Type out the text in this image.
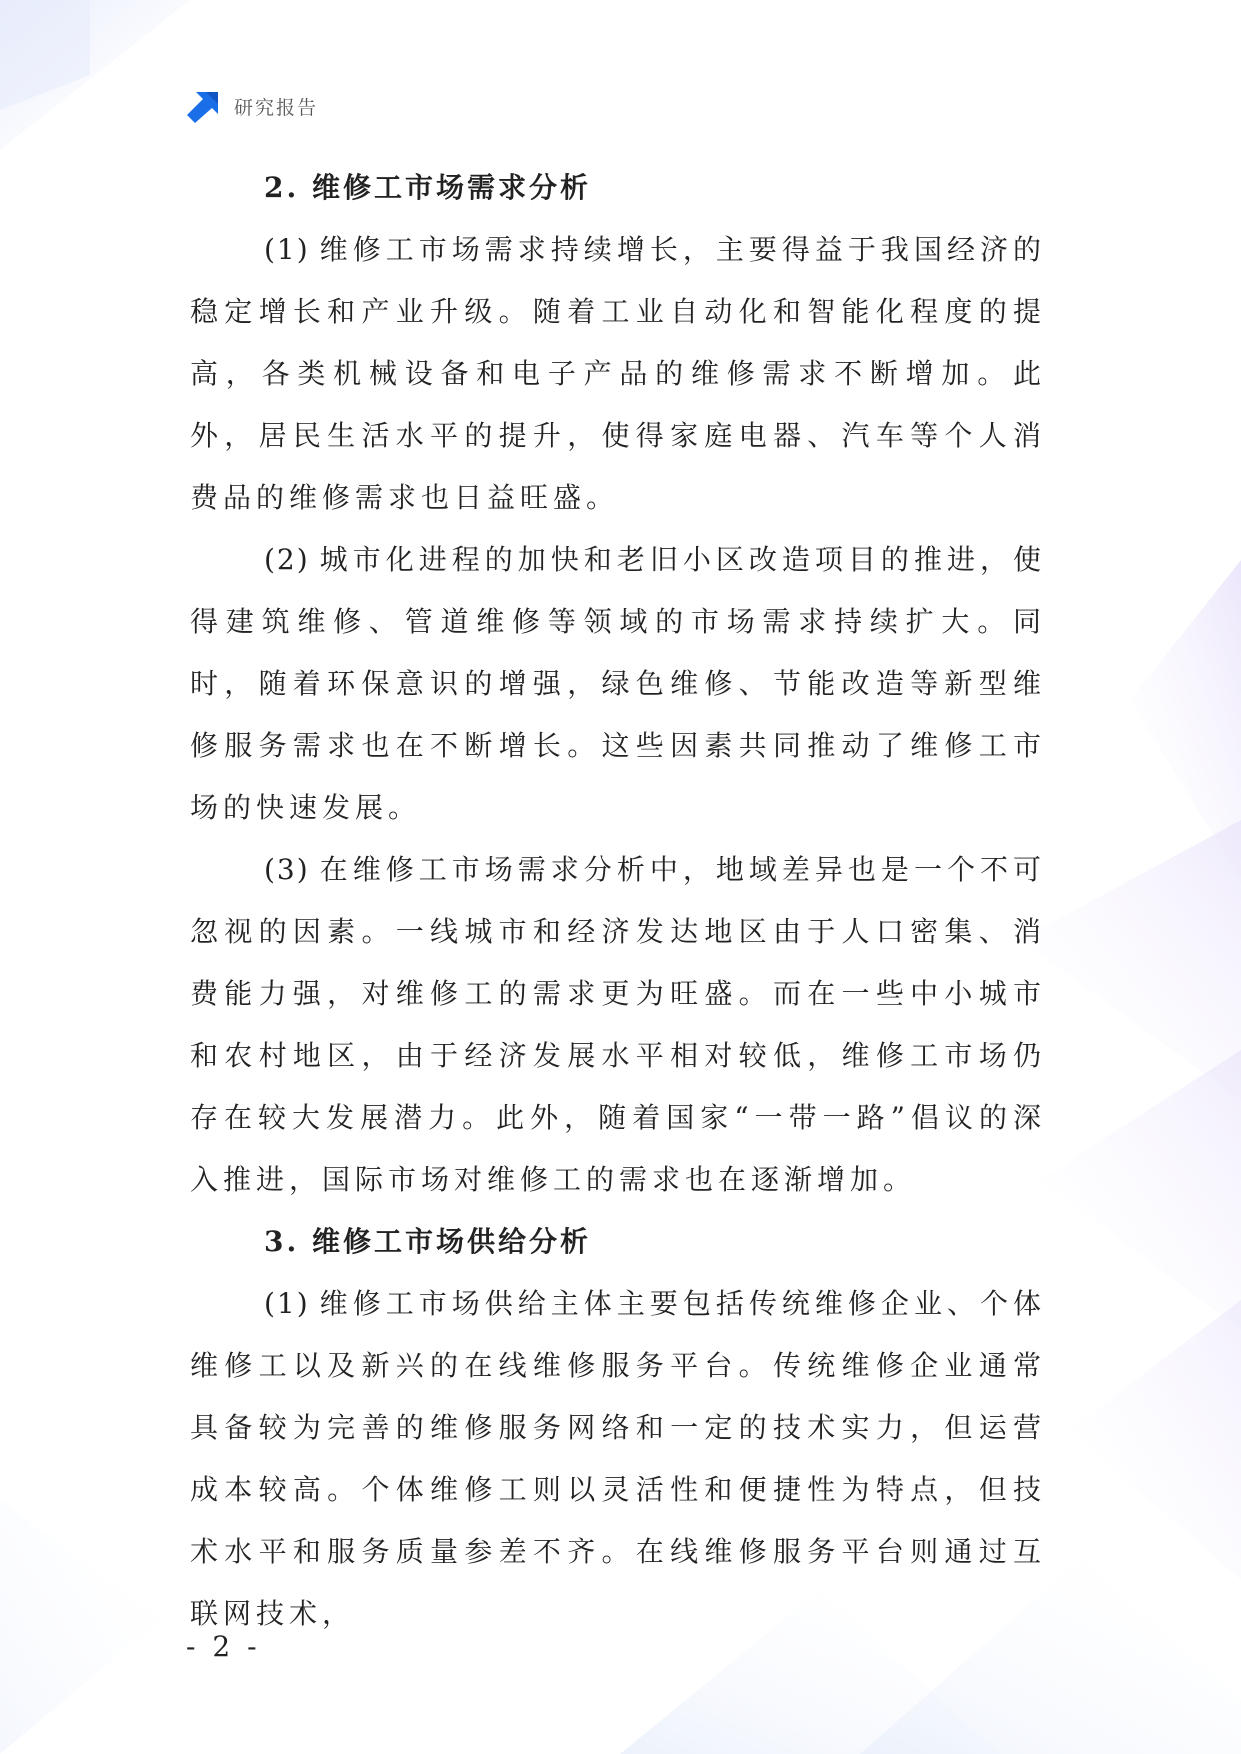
研究报告
2. 维修工市场需求分析

(1) 维修工市场需求持续增长，主要得益于我国经济的稳定增长和产业升级。随着工业自动化和智能化程度的提高，各类机械设备和电子产品的维修需求不断增加。此外，居民生活水平的提升，使得家庭电器、汽车等个人消费品的维修需求也日益旺盛。

(2) 城市化进程的加快和老旧小区改造项目的推进，使得建筑维修、管道维修等领域的市场需求持续扩大。同时，随着环保意识的增强，绿色维修、节能改造等新型维修服务需求也在不断增长。这些因素共同推动了维修工市场的快速发展。

(3) 在维修工市场需求分析中，地域差异也是一个不可忽视的因素。一线城市和经济发达地区由于人口密集、消费能力强，对维修工的需求更为旺盛。而在一些中小城市和农村地区，由于经济发展水平相对较低，维修工市场仍存在较大发展潜力。此外，随着国家“一带一路”倡议的深入推进，国际市场对维修工的需求也在逐渐增加。

3. 维修工市场供给分析

(1) 维修工市场供给主体主要包括传统维修企业、个体维修工以及新兴的在线维修服务平台。传统维修企业通常具备较为完善的维修服务网络和一定的技术实力，但运营成本较高。个体维修工则以灵活性和便捷性为特点，但技术水平和服务质量参差不齐。在线维修服务平台则通过互联网技术，

- 2 -
